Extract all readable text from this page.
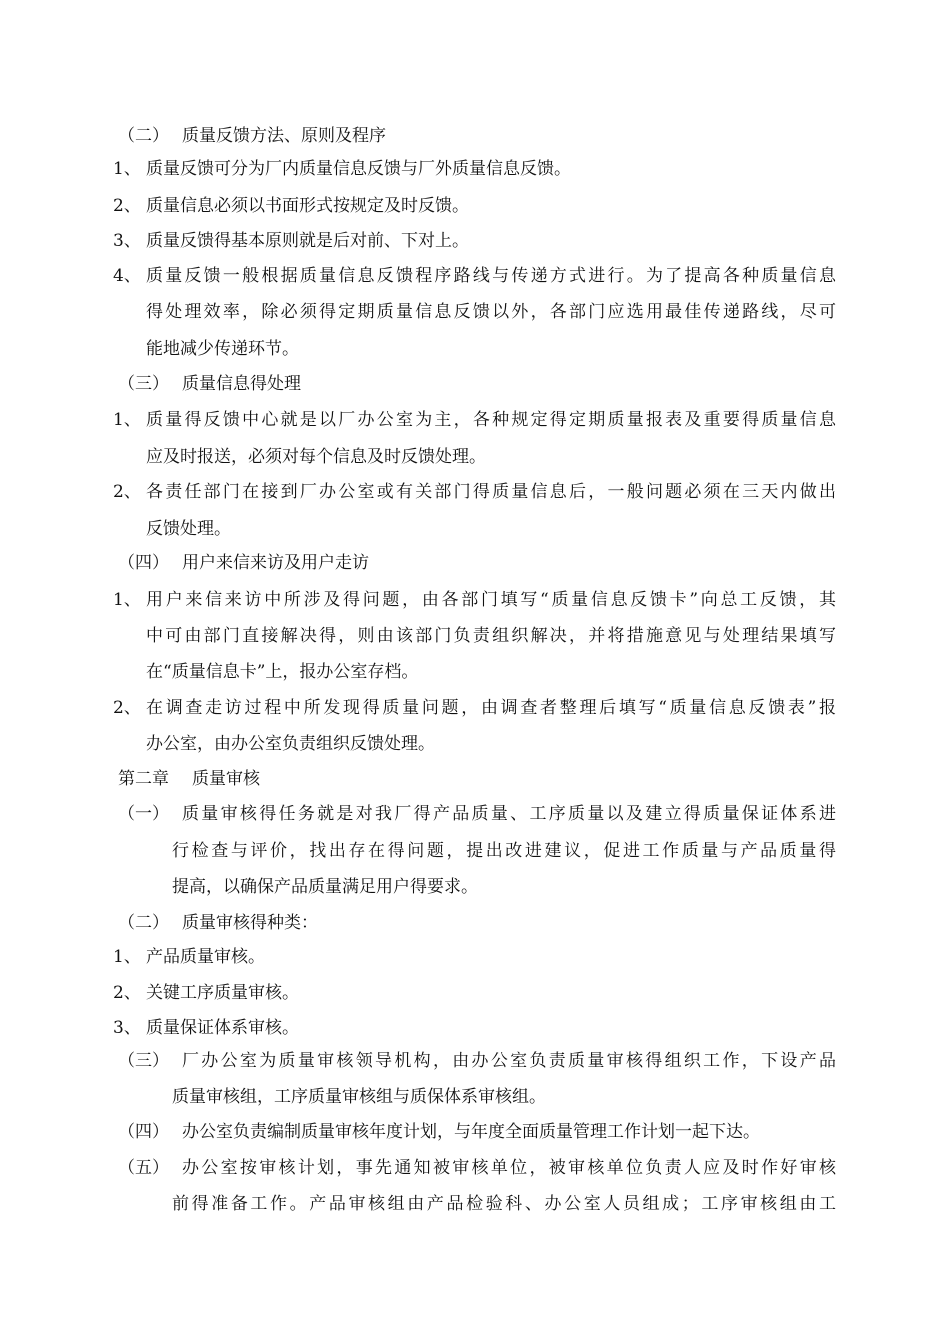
（二） 质量反馈方法、原则及程序
1、 质量反馈可分为厂内质量信息反馈与厂外质量信息反馈。
2、 质量信息必须以书面形式按规定及时反馈。
3、 质量反馈得基本原则就是后对前、下对上。
4、 质量反馈一般根据质量信息反馈程序路线与传递方式进行。为了提高各种质量信息
得处理效率，除必须得定期质量信息反馈以外，各部门应选用最佳传递路线，尽可
能地减少传递环节。
（三） 质量信息得处理
1、 质量得反馈中心就是以厂办公室为主，各种规定得定期质量报表及重要得质量信息
应及时报送，必须对每个信息及时反馈处理。
2、 各责任部门在接到厂办公室或有关部门得质量信息后，一般问题必须在三天内做出
反馈处理。
（四） 用户来信来访及用户走访
1、 用户来信来访中所涉及得问题，由各部门填写“质量信息反馈卡”向总工反馈，其
中可由部门直接解决得，则由该部门负责组织解决，并将措施意见与处理结果填写
在“质量信息卡”上，报办公室存档。
2、 在调查走访过程中所发现得质量问题，由调查者整理后填写“质量信息反馈表”报
办公室，由办公室负责组织反馈处理。
第二章 质量审核
（一） 质量审核得任务就是对我厂得产品质量、工序质量以及建立得质量保证体系进
行检查与评价，找出存在得问题，提出改进建议，促进工作质量与产品质量得
提高，以确保产品质量满足用户得要求。
（二） 质量审核得种类：
1、 产品质量审核。
2、 关键工序质量审核。
3、 质量保证体系审核。
（三） 厂办公室为质量审核领导机构，由办公室负责质量审核得组织工作，下设产品
质量审核组，工序质量审核组与质保体系审核组。
（四） 办公室负责编制质量审核年度计划，与年度全面质量管理工作计划一起下达。
（五） 办公室按审核计划，事先通知被审核单位，被审核单位负责人应及时作好审核
前得准备工作。产品审核组由产品检验科、办公室人员组成；工序审核组由工
